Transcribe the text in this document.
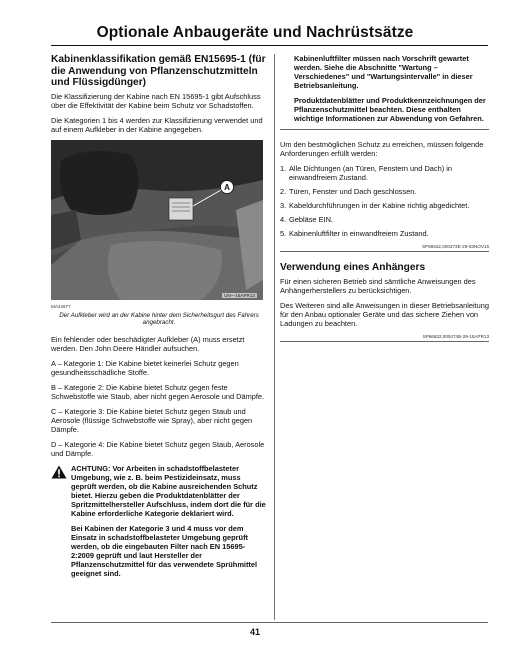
Optionale Anbaugeräte und Nachrüstsätze
Kabinenklassifikation gemäß EN15695-1 (für die Anwendung von Pflanzenschutzmitteln und Flüssigdünger)

Die Klassifizierung der Kabine nach EN 15695-1 gibt Aufschluss über die Effektivität der Kabine beim Schutz vor Schadstoffen.

Die Kategorien 1 bis 4 werden zur Klassifizierung verwendet und auf einem Aufkleber in der Kabine angegeben.

A
UN—16APR13
MA42677
Der Aufkleber wird an der Kabine hinter dem Sicherheitsgurt des Fahrers angebracht.

Ein fehlender oder beschädigter Aufkleber (A) muss ersetzt werden. Den John Deere Händler aufsuchen.

A – Kategorie 1: Die Kabine bietet keinerlei Schutz gegen gesundheitsschädliche Stoffe.

B – Kategorie 2: Die Kabine bietet Schutz gegen feste Schwebstoffe wie Staub, aber nicht gegen Aerosole und Dämpfe.

C – Kategorie 3: Die Kabine bietet Schutz gegen Staub und Aerosole (flüssige Schwebstoffe wie Spray), aber nicht gegen Dämpfe.

D – Kategorie 4: Die Kabine bietet Schutz gegen Staub, Aerosole und Dämpfe.

ACHTUNG: Vor Arbeiten in schadstoffbelasteter Umgebung, wie z. B. beim Pestizideinsatz, muss geprüft werden, ob die Kabine ausreichenden Schutz bietet. Hierzu geben die Produktdatenblätter der Spritzmittelhersteller Aufschluss, indem dort die für die Kabine erforderliche Kategorie deklariert wird.

Bei Kabinen der Kategorie 3 und 4 muss vor dem Einsatz in schadstoffbelasteter Umgebung geprüft werden, ob die eingebauten Filter nach EN 15695-2:2009 geprüft und laut Hersteller der Pflanzenschutzmittel für das verwendete Sprühmittel geeignet sind.

Kabinenluftfilter müssen nach Vorschrift gewartet werden. Siehe die Abschnitte "Wartung – Verschiedenes" und "Wartungsintervalle" in dieser Betriebsanleitung.

Produktdatenblätter und Produktkennzeichnungen der Pflanzenschutzmittel beachten. Diese enthalten wichtige Informationen zur Abwendung von Gefahren.

Um den bestmöglichen Schutz zu erreichen, müssen folgende Anforderungen erfüllt werden:

1. Alle Dichtungen (an Türen, Fenstern und Dach) in einwandfreiem Zustand.
2. Türen, Fenster und Dach geschlossen.
3. Kabeldurchführungen in der Kabine richtig abgedichtet.
4. Gebläse EIN.
5. Kabinenluftfilter in einwandfreiem Zustand.
SP66632,000473E-29-03NOV15
Verwendung eines Anhängers

Für einen sicheren Betrieb sind sämtliche Anweisungen des Anhängerherstellers zu berücksichtigen.

Des Weiteren sind alle Anweisungen in dieser Betriebsanleitung für den Anbau optionaler Geräte und das sichere Ziehen von Ladungen zu beachten.

SP66632,000474B-29-15APR13
41
